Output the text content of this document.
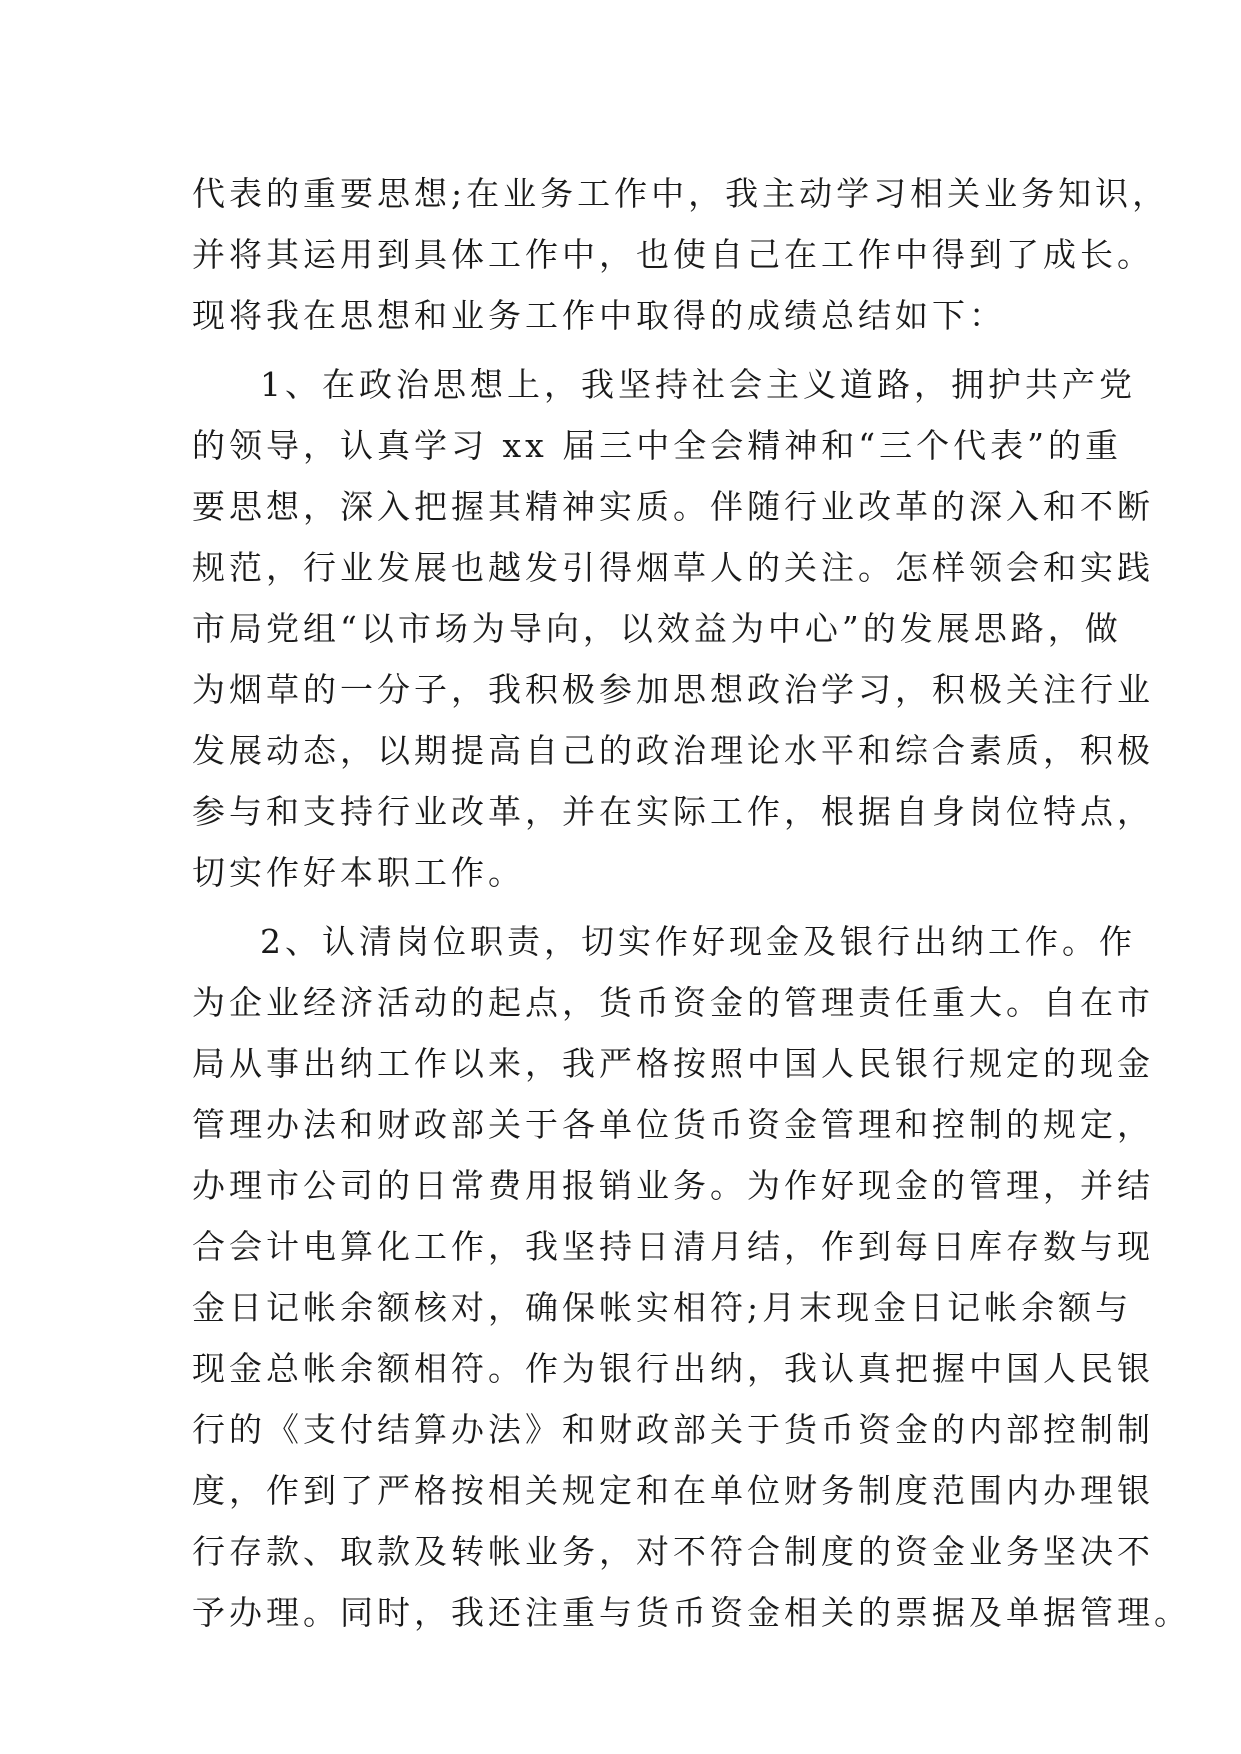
代表的重要思想;在业务工作中，我主动学习相关业务知识，
并将其运用到具体工作中，也使自己在工作中得到了成长。
现将我在思想和业务工作中取得的成绩总结如下：
1、在政治思想上，我坚持社会主义道路，拥护共产党
的领导，认真学习 xx 届三中全会精神和“三个代表”的重
要思想，深入把握其精神实质。伴随行业改革的深入和不断
规范，行业发展也越发引得烟草人的关注。怎样领会和实践
市局党组“以市场为导向，以效益为中心”的发展思路，做
为烟草的一分子，我积极参加思想政治学习，积极关注行业
发展动态，以期提高自己的政治理论水平和综合素质，积极
参与和支持行业改革，并在实际工作，根据自身岗位特点，
切实作好本职工作。
2、认清岗位职责，切实作好现金及银行出纳工作。作
为企业经济活动的起点，货币资金的管理责任重大。自在市
局从事出纳工作以来，我严格按照中国人民银行规定的现金
管理办法和财政部关于各单位货币资金管理和控制的规定，
办理市公司的日常费用报销业务。为作好现金的管理，并结
合会计电算化工作，我坚持日清月结，作到每日库存数与现
金日记帐余额核对，确保帐实相符;月末现金日记帐余额与
现金总帐余额相符。作为银行出纳，我认真把握中国人民银
行的《支付结算办法》和财政部关于货币资金的内部控制制
度，作到了严格按相关规定和在单位财务制度范围内办理银
行存款、取款及转帐业务，对不符合制度的资金业务坚决不
予办理。同时，我还注重与货币资金相关的票据及单据管理。
